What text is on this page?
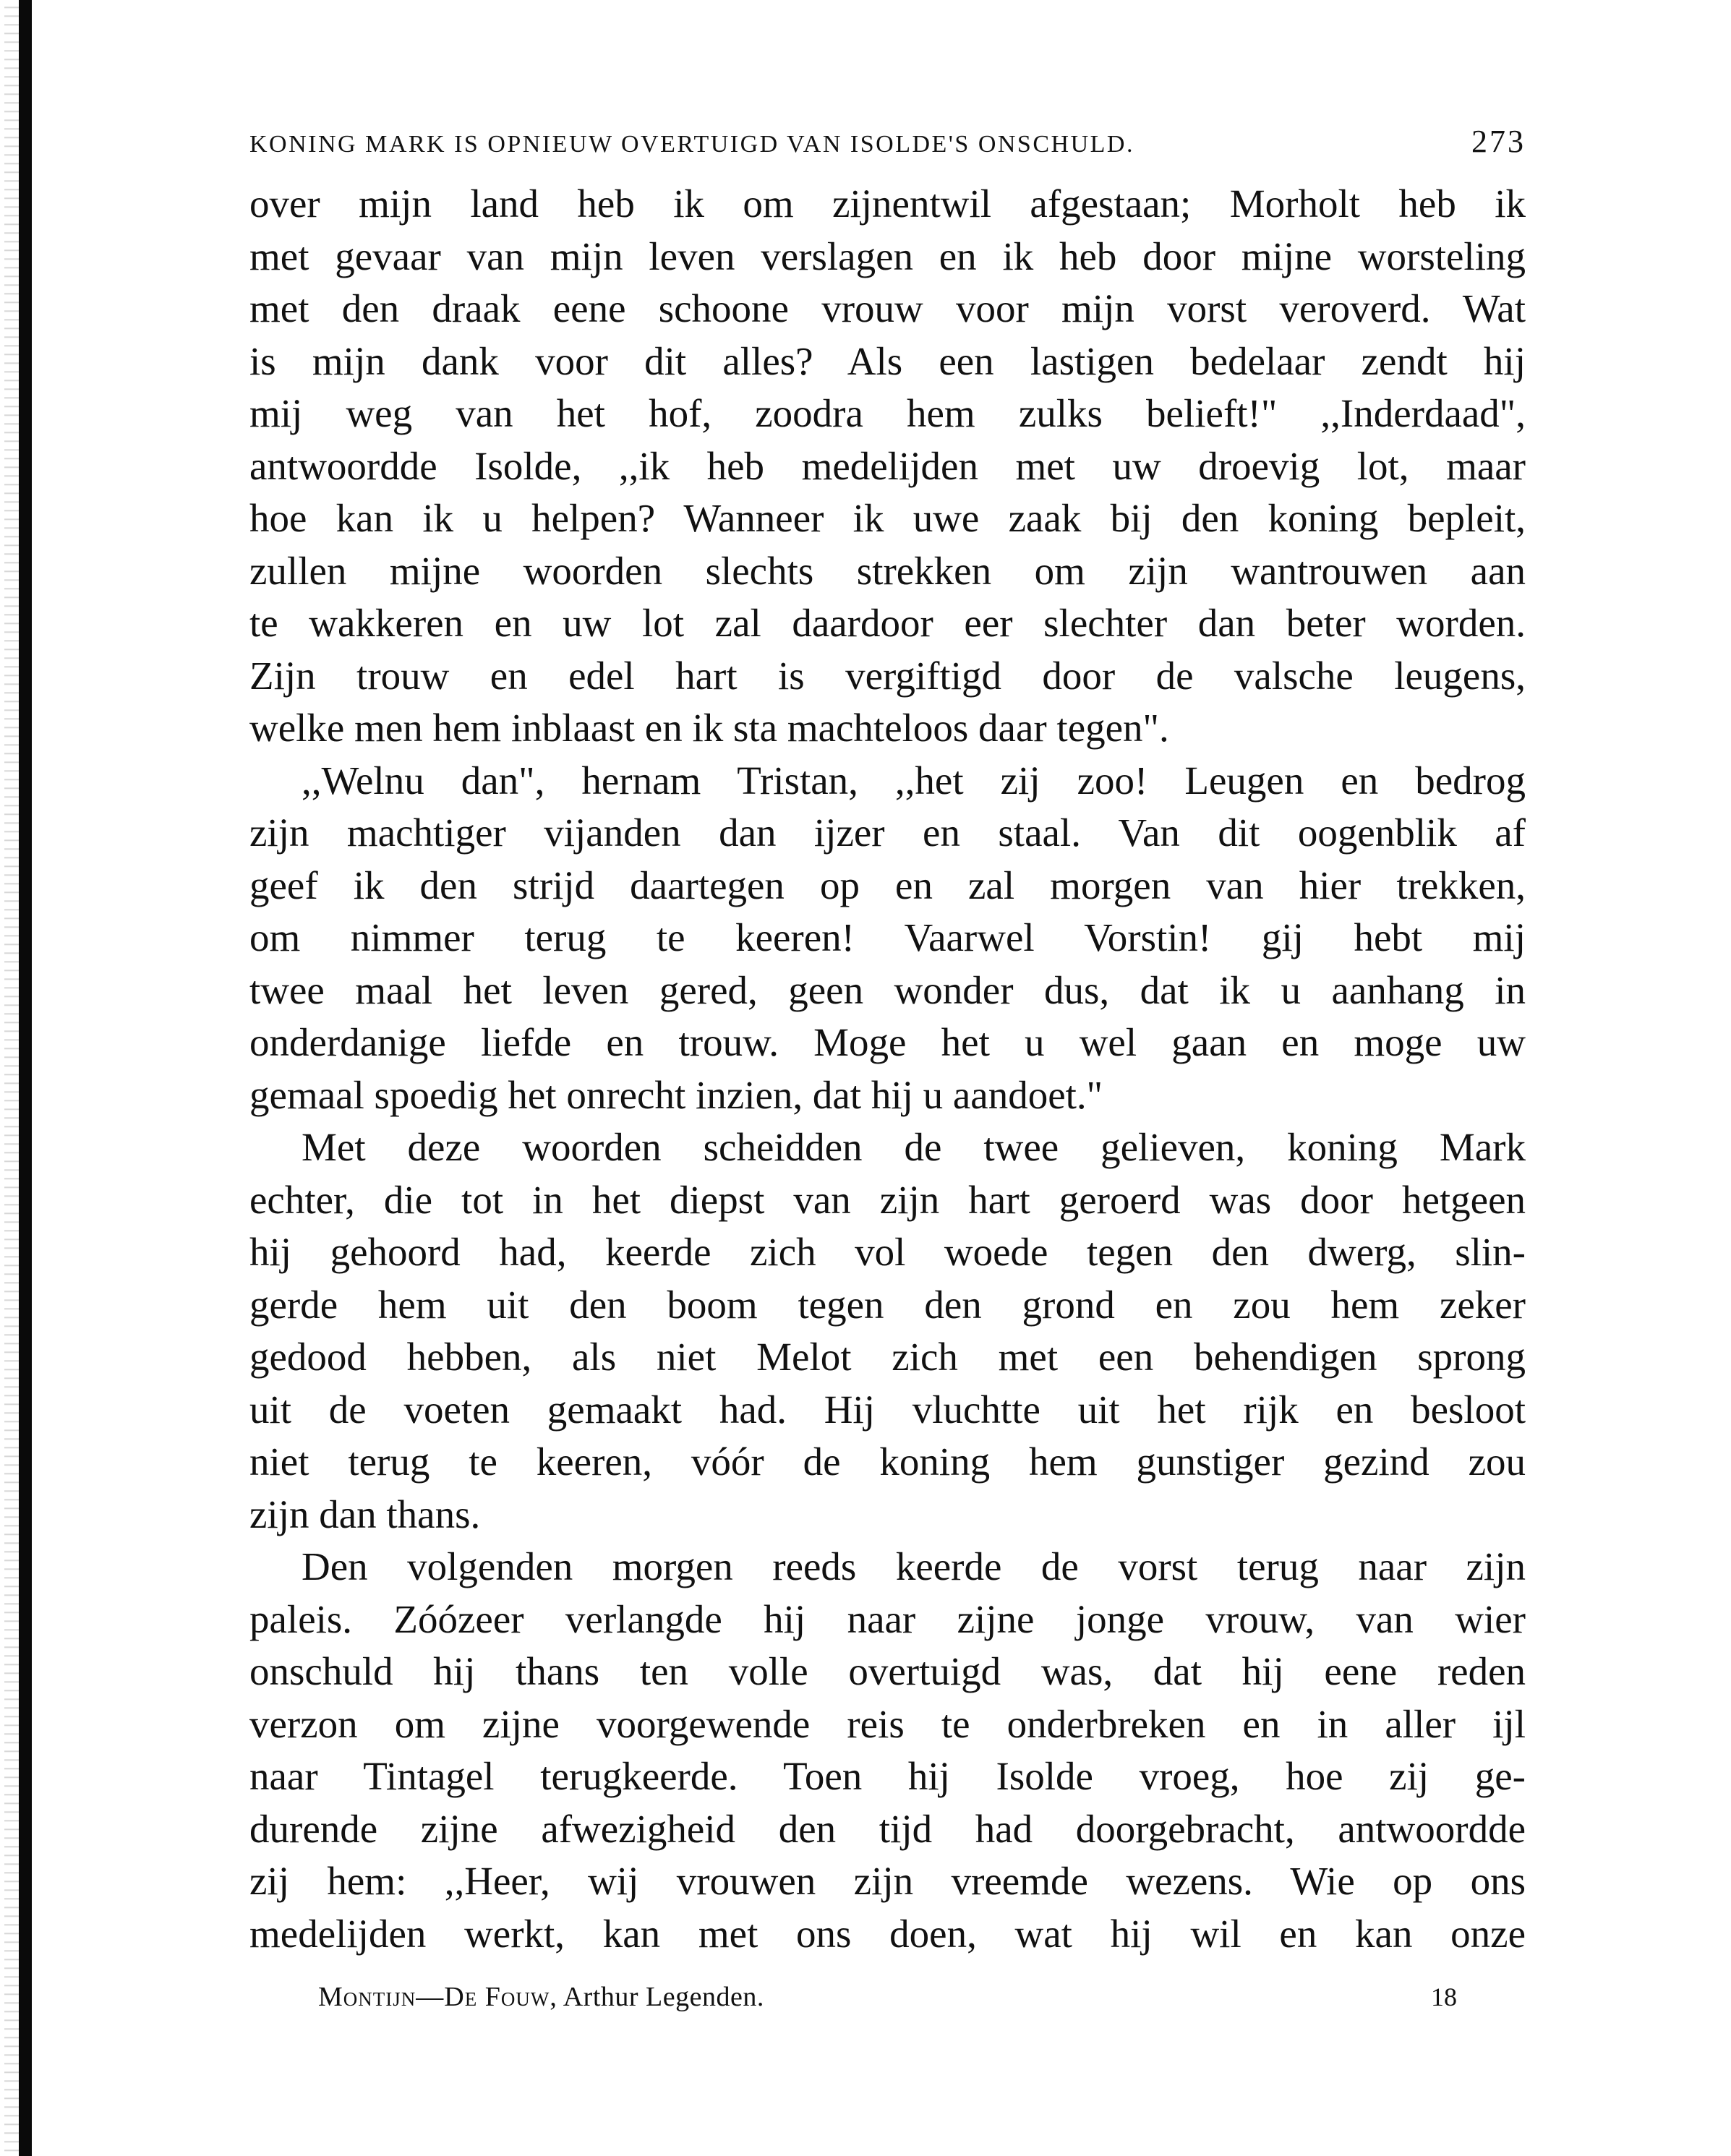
KONING MARK IS OPNIEUW OVERTUIGD VAN ISOLDE'S ONSCHULD.	273
over mijn land heb ik om zijnentwil afgestaan; Morholt heb ik
met gevaar van mijn leven verslagen en ik heb door mijne worsteling
met den draak eene schoone vrouw voor mijn vorst veroverd. Wat
is mijn dank voor dit alles? Als een lastigen bedelaar zendt hij
mij weg van het hof, zoodra hem zulks belieft!" ,,Inderdaad",
antwoordde Isolde, ,,ik heb medelijden met uw droevig lot, maar
hoe kan ik u helpen? Wanneer ik uwe zaak bij den koning bepleit,
zullen mijne woorden slechts strekken om zijn wantrouwen aan
te wakkeren en uw lot zal daardoor eer slechter dan beter worden.
Zijn trouw en edel hart is vergiftigd door de valsche leugens,
welke men hem inblaast en ik sta machteloos daar tegen".
,,Welnu dan", hernam Tristan, ,,het zij zoo! Leugen en bedrog
zijn machtiger vijanden dan ijzer en staal. Van dit oogenblik af
geef ik den strijd daartegen op en zal morgen van hier trekken,
om nimmer terug te keeren! Vaarwel Vorstin! gij hebt mij
twee maal het leven gered, geen wonder dus, dat ik u aanhang in
onderdanige liefde en trouw. Moge het u wel gaan en moge uw
gemaal spoedig het onrecht inzien, dat hij u aandoet."
Met deze woorden scheidden de twee gelieven, koning Mark
echter, die tot in het diepst van zijn hart geroerd was door hetgeen
hij gehoord had, keerde zich vol woede tegen den dwerg, slin-
gerde hem uit den boom tegen den grond en zou hem zeker
gedood hebben, als niet Melot zich met een behendigen sprong
uit de voeten gemaakt had. Hij vluchtte uit het rijk en besloot
niet terug te keeren, vóór de koning hem gunstiger gezind zou
zijn dan thans.
Den volgenden morgen reeds keerde de vorst terug naar zijn
paleis. Zóózeer verlangde hij naar zijne jonge vrouw, van wier
onschuld hij thans ten volle overtuigd was, dat hij eene reden
verzon om zijne voorgewende reis te onderbreken en in aller ijl
naar Tintagel terugkeerde. Toen hij Isolde vroeg, hoe zij ge-
durende zijne afwezigheid den tijd had doorgebracht, antwoordde
zij hem: ,,Heer, wij vrouwen zijn vreemde wezens. Wie op ons
medelijden werkt, kan met ons doen, wat hij wil en kan onze
Montijn—De Fouw, Arthur Legenden.	18
